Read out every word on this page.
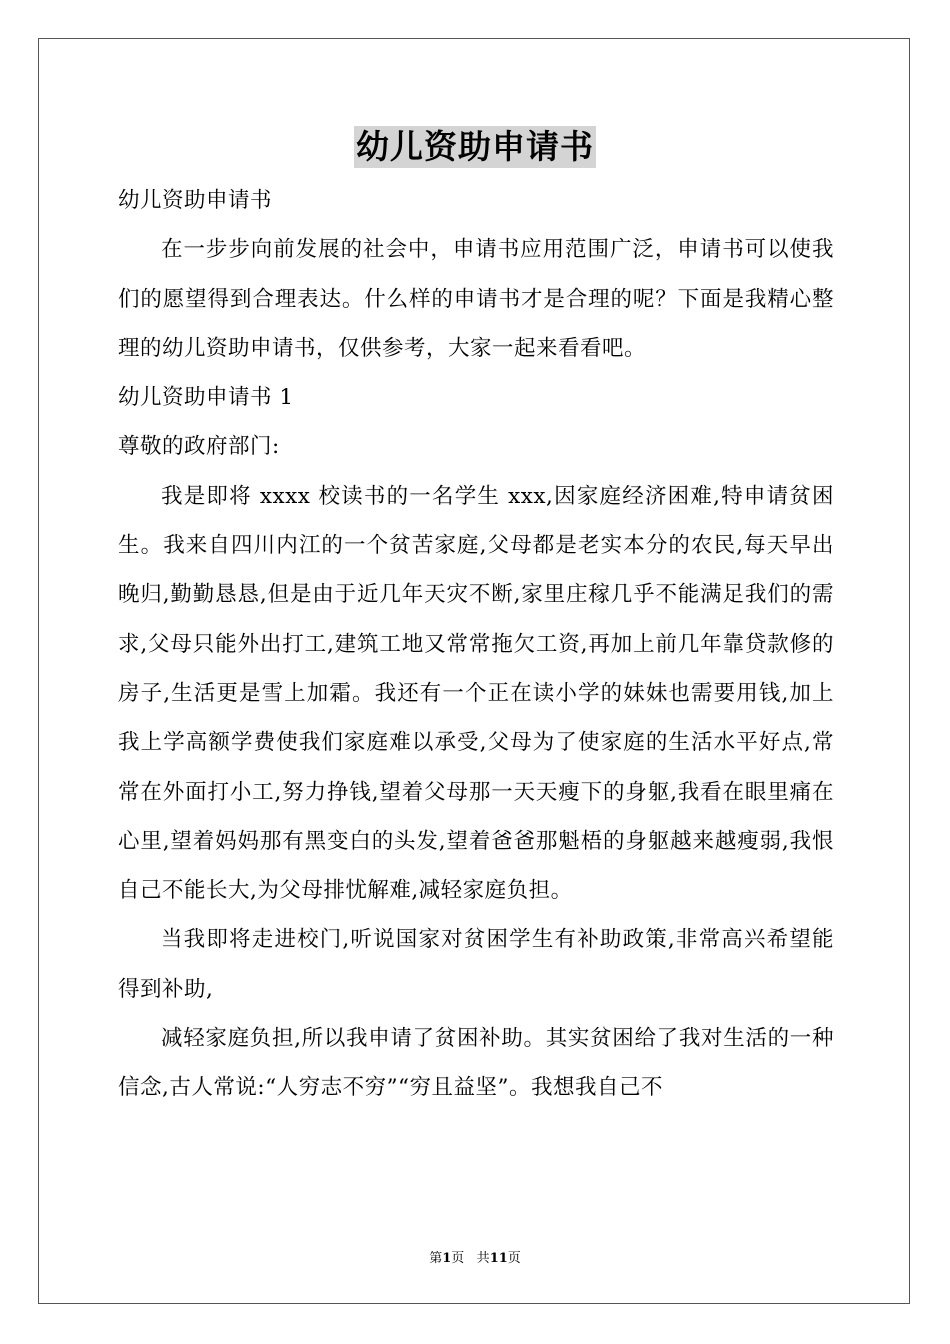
幼儿资助申请书

幼儿资助申请书

在一步步向前发展的社会中，申请书应用范围广泛，申请书可以使我们的愿望得到合理表达。什么样的申请书才是合理的呢？下面是我精心整理的幼儿资助申请书，仅供参考，大家一起来看看吧。

幼儿资助申请书 1

尊敬的政府部门:

我是即将 xxxx 校读书的一名学生 xxx,因家庭经济困难,特申请贫困生。我来自四川内江的一个贫苦家庭,父母都是老实本分的农民,每天早出晚归,勤勤恳恳,但是由于近几年天灾不断,家里庄稼几乎不能满足我们的需求,父母只能外出打工,建筑工地又常常拖欠工资,再加上前几年靠贷款修的房子,生活更是雪上加霜。我还有一个正在读小学的妹妹也需要用钱,加上我上学高额学费使我们家庭难以承受,父母为了使家庭的生活水平好点,常常在外面打小工,努力挣钱,望着父母那一天天瘦下的身躯,我看在眼里痛在心里,望着妈妈那有黑变白的头发,望着爸爸那魁梧的身躯越来越瘦弱,我恨自己不能长大,为父母排忧解难,减轻家庭负担。

当我即将走进校门,听说国家对贫困学生有补助政策,非常高兴希望能得到补助,

减轻家庭负担,所以我申请了贫困补助。其实贫困给了我对生活的一种信念,古人常说:“人穷志不穷”“穷且益坚”。我想我自己不

第1页 共11页
